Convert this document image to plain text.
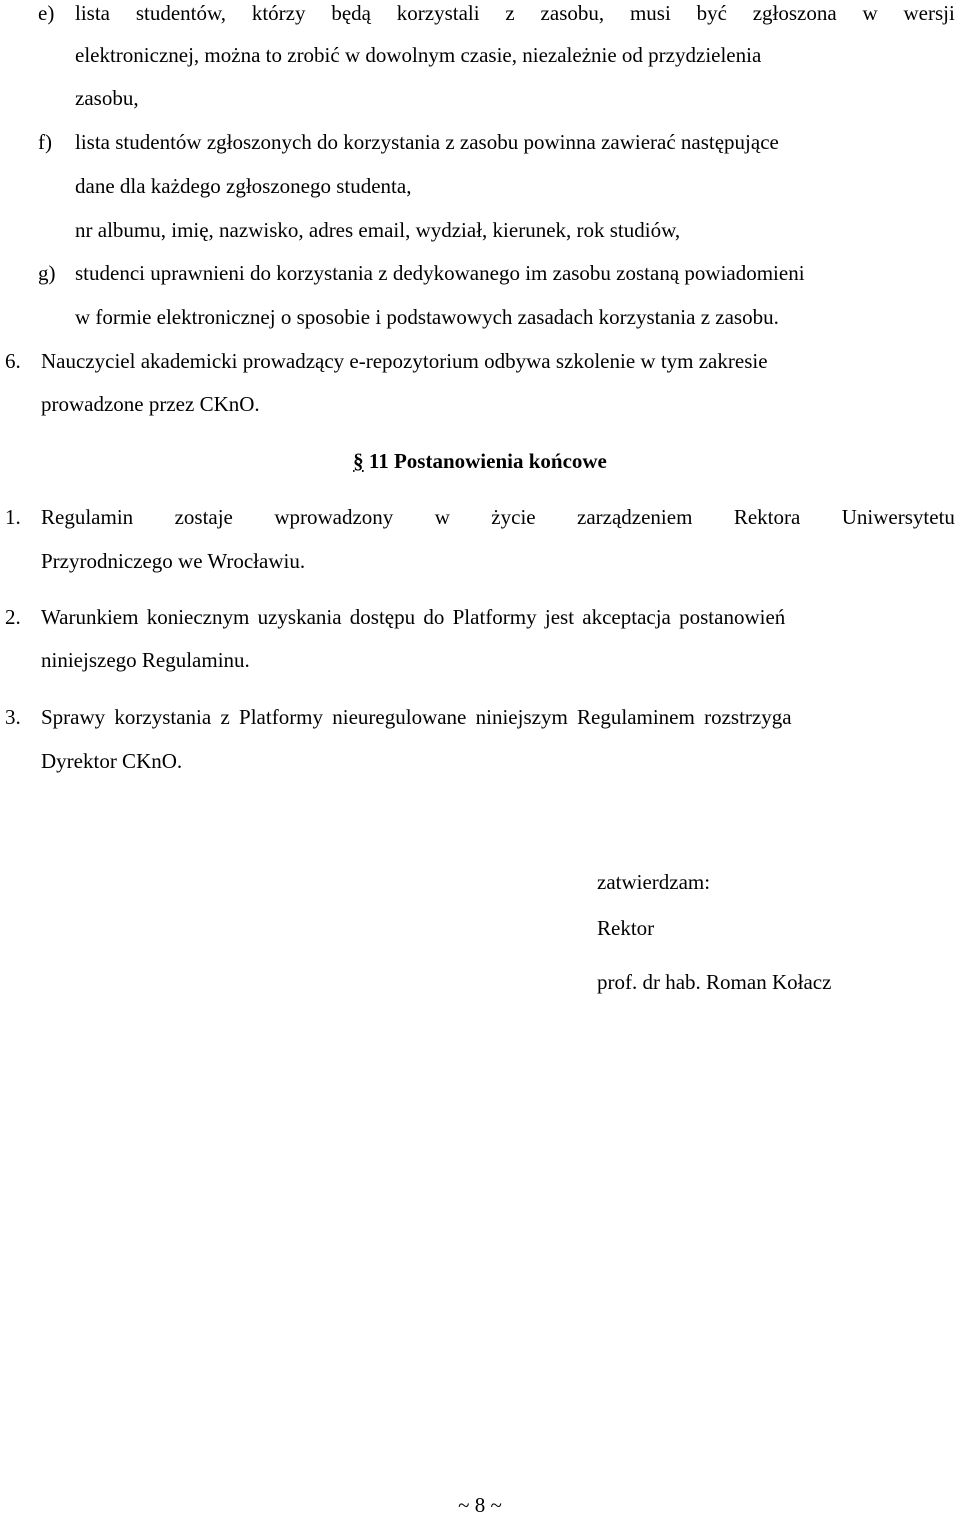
e) lista studentów, którzy będą korzystali z zasobu, musi być zgłoszona w wersji
elektronicznej, można to zrobić w dowolnym czasie, niezależnie od przydzielenia
zasobu,
f) lista studentów zgłoszonych do korzystania z zasobu powinna zawierać następujące
dane dla każdego zgłoszonego studenta,
nr albumu, imię, nazwisko, adres email, wydział, kierunek, rok studiów,
g) studenci uprawnieni do korzystania z dedykowanego im zasobu zostaną powiadomieni
w formie elektronicznej o sposobie i podstawowych zasadach korzystania z zasobu.
6. Nauczyciel akademicki prowadzący e-repozytorium odbywa szkolenie w tym zakresie
prowadzone przez CKnO.
§ 11 Postanowienia końcowe
1. Regulamin zostaje wprowadzony w życie zarządzeniem Rektora Uniwersytetu
Przyrodniczego we Wrocławiu.
2. Warunkiem koniecznym uzyskania dostępu do Platformy jest akceptacja postanowień
niniejszego Regulaminu.
3. Sprawy korzystania z Platformy nieuregulowane niniejszym Regulaminem rozstrzyga
Dyrektor CKnO.
zatwierdzam:
Rektor
prof. dr hab. Roman Kołacz
~ 8 ~
